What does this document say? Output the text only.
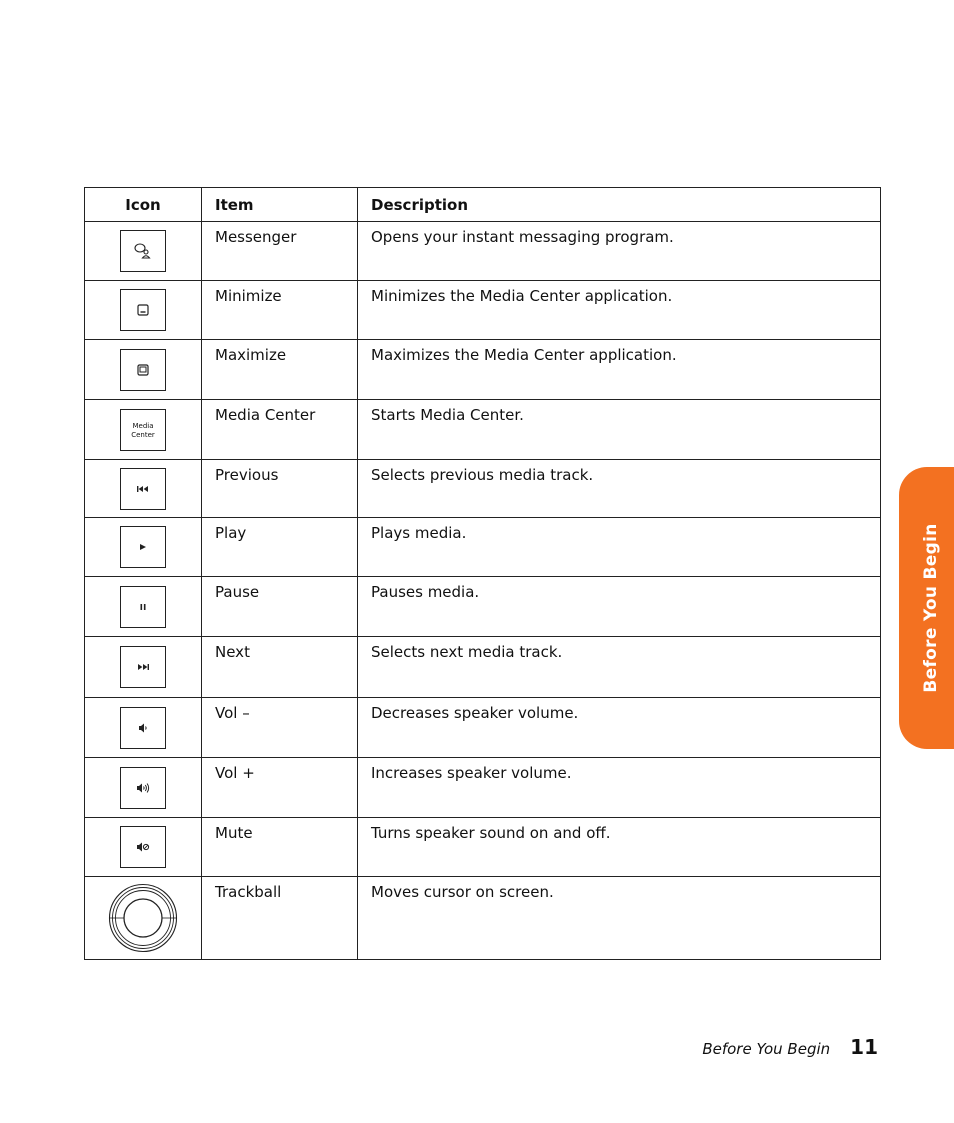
Icon	Item	Description

	Messenger	Opens your instant messaging program.

	Minimize	Minimizes the Media Center application.

	Maximize	Maximizes the Media Center application.

Media Center	Media Center	Starts Media Center.

	Previous	Selects previous media track.

	Play	Plays media.

	Pause	Pauses media.

	Next	Selects next media track.

	Vol –	Decreases speaker volume.

	Vol +	Increases speaker volume.

	Mute	Turns speaker sound on and off.

	Trackball	Moves cursor on screen.
Before You Begin
Before You Begin 11
